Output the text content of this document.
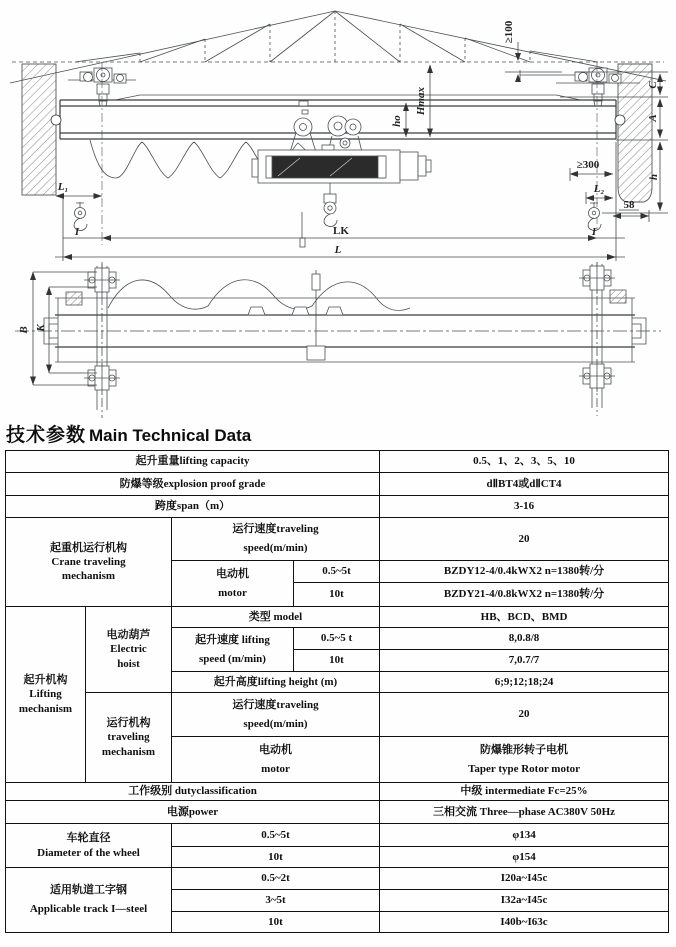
≥100
Hmax
ho
C
A
h
≥300
L₂
58
L₁
I	I
LK
L
B K
技术参数 Main Technical Data
起升重量lifting capacity				0.5、1、2、3、5、10
防爆等级explosion proof grade				dⅡBT4或dⅡCT4
跨度span（m）				3-16

起重机运行机构
Crane traveling
mechanism		运行速度traveling
speed(m/min)		20

		电动机
motor	0.5~5t	BZDY12-4/0.4kWX2 n=1380转/分
			10t	BZDY21-4/0.8kWX2 n=1380转/分

起升机构
Lifting
mechanism	电动葫芦
Electric
hoist	类型 model		HB、BCD、BMD

		起升速度 lifting
speed (m/min)	0.5~5 t	8,0.8/8
			10t	7,0.7/7
		起升高度lifting height (m)		6;9;12;18;24

	运行机构
traveling
mechanism	运行速度traveling
speed(m/min)		20

		电动机
motor		防爆锥形转子电机
Taper type Rotor motor

工作级别 dutyclassification				中级 intermediate Fc=25%
电源power				三相交流 Three—phase AC380V 50Hz

车轮直径
Diameter of the wheel		0.5~5t		φ134
		10t		φ154

适用轨道工字钢
Applicable track I—steel		0.5~2t		I20a~I45c
		3~5t		I32a~I45c
		10t		I40b~I63c
